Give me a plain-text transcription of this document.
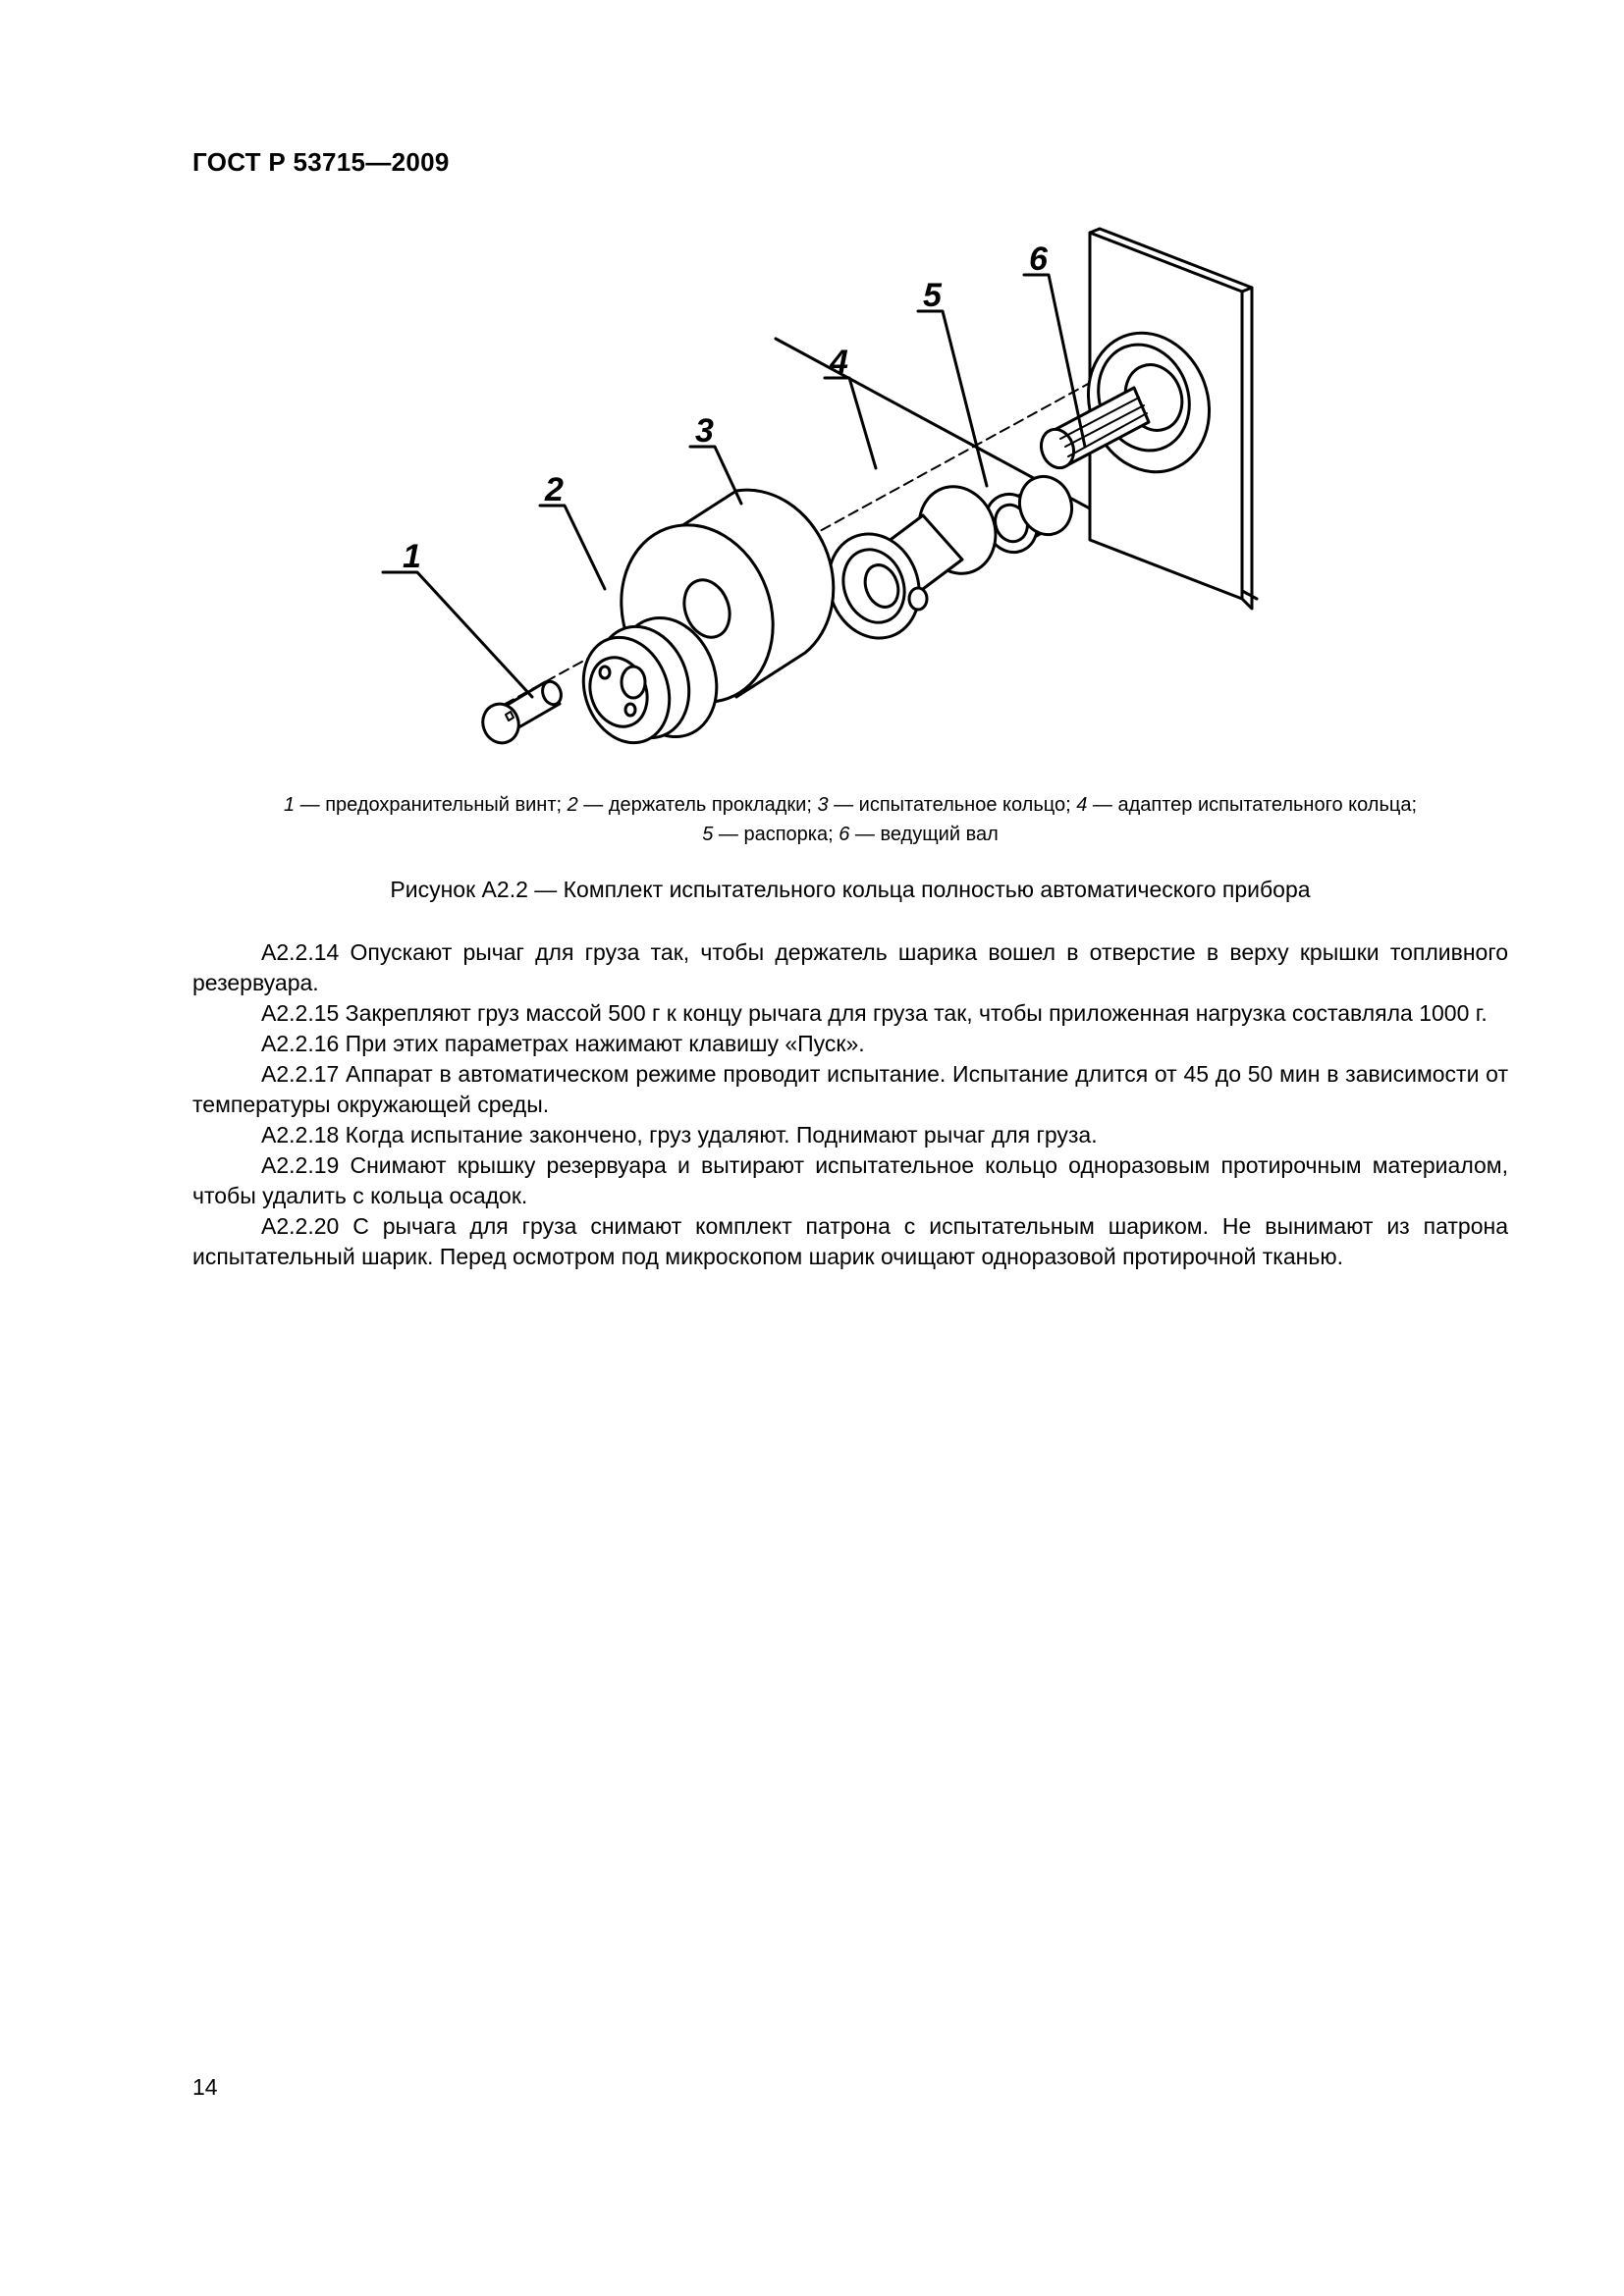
ГОСТ Р 53715—2009
1
2
3
4
5
6
1 — предохранительный винт; 2 — держатель прокладки; 3 — испытательное кольцо; 4 — адаптер испытательного кольца;
5 — распорка; 6 — ведущий вал
Рисунок А2.2 — Комплект испытательного кольца полностью автоматического прибора

А2.2.14 Опускают рычаг для груза так, чтобы держатель шарика вошел в отверстие в верху крышки топливного резервуара.

А2.2.15 Закрепляют груз массой 500 г к концу рычага для груза так, чтобы приложенная нагрузка составляла 1000 г.

А2.2.16 При этих параметрах нажимают клавишу «Пуск».

А2.2.17 Аппарат в автоматическом режиме проводит испытание. Испытание длится от 45 до 50 мин в зависимости от температуры окружающей среды.

А2.2.18 Когда испытание закончено, груз удаляют. Поднимают рычаг для груза.

А2.2.19 Снимают крышку резервуара и вытирают испытательное кольцо одноразовым протирочным материалом, чтобы удалить с кольца осадок.

А2.2.20 С рычага для груза снимают комплект патрона с испытательным шариком. Не вынимают из патрона испытательный шарик. Перед осмотром под микроскопом шарик очищают одноразовой протирочной тканью.

14
